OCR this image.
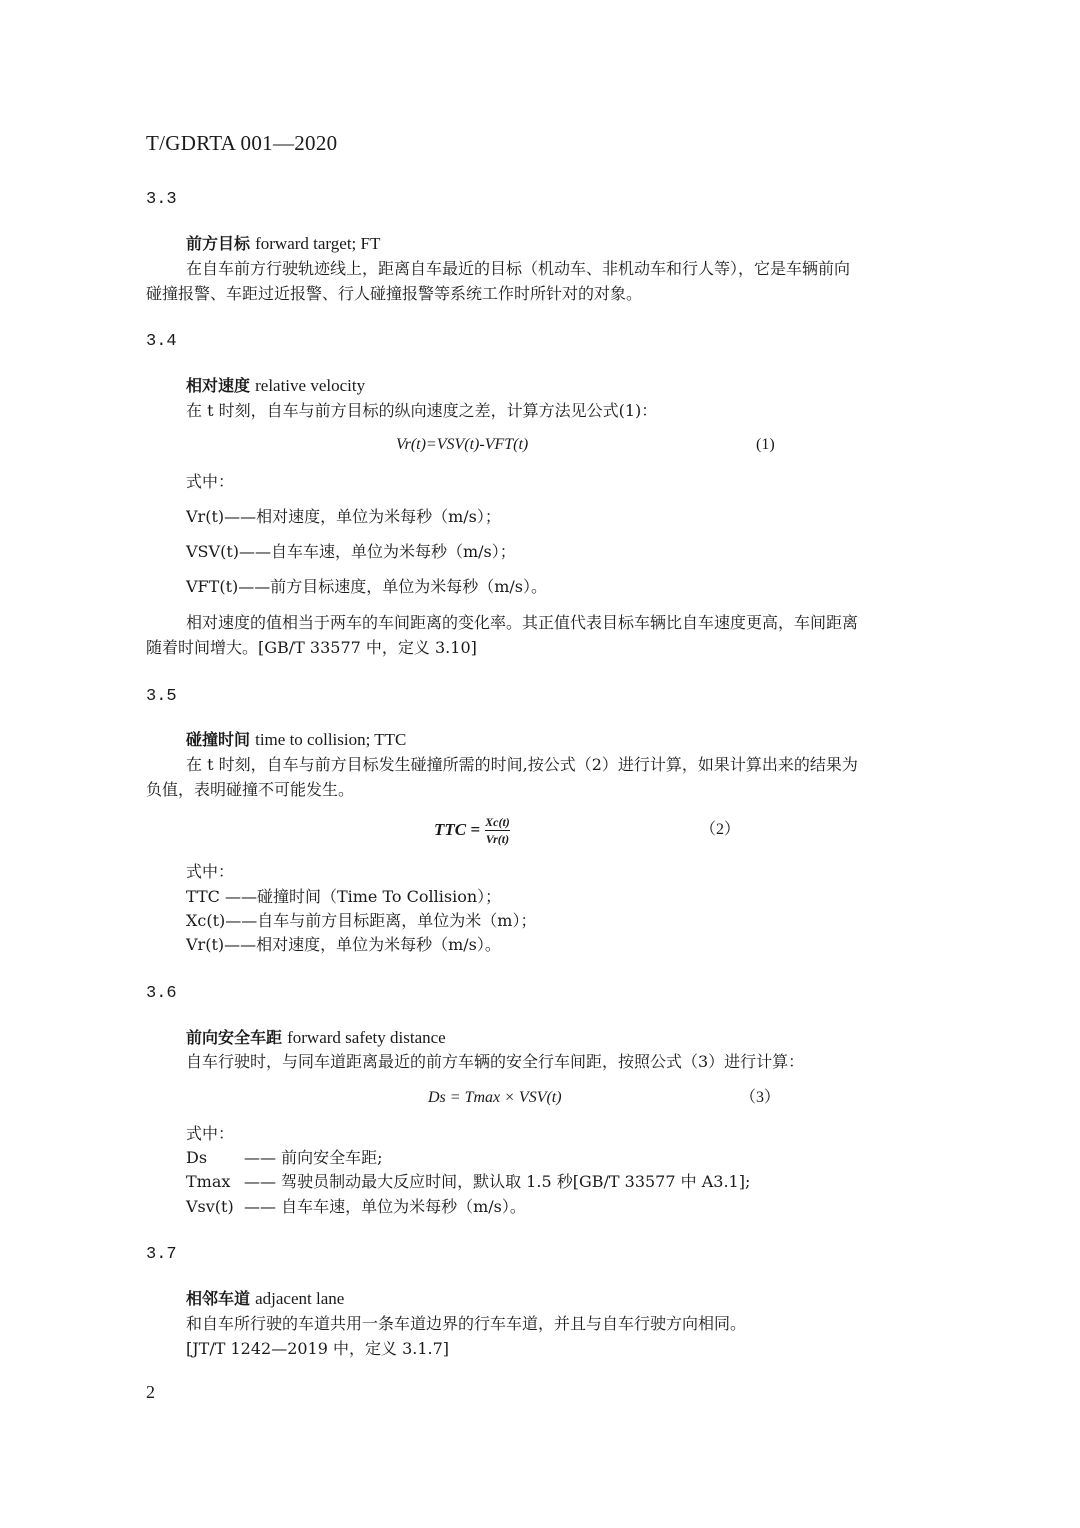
T/GDRTA 001—2020
3.3
前方目标 forward target; FT
在自车前方行驶轨迹线上，距离自车最近的目标（机动车、非机动车和行人等），它是车辆前向
碰撞报警、车距过近报警、行人碰撞报警等系统工作时所针对的对象。
3.4
相对速度 relative velocity
在 t 时刻，自车与前方目标的纵向速度之差，计算方法见公式(1)：
Vr(t)=VSV(t)-VFT(t)	(1)
式中：
Vr(t)——相对速度，单位为米每秒（m/s）；
VSV(t)——自车车速，单位为米每秒（m/s）；
VFT(t)——前方目标速度，单位为米每秒（m/s）。
相对速度的值相当于两车的车间距离的变化率。其正值代表目标车辆比自车速度更高，车间距离
随着时间增大。[GB/T 33577 中，定义 3.10]
3.5
碰撞时间 time to collision; TTC
在 t 时刻，自车与前方目标发生碰撞所需的时间,按公式（2）进行计算，如果计算出来的结果为
负值，表明碰撞不可能发生。
TTC = $\frac{Xc(t)}{Vr(t)}$	（2）
式中：
TTC ——碰撞时间（Time To Collision）；
Xc(t)——自车与前方目标距离，单位为米（m）；
Vr(t)——相对速度，单位为米每秒（m/s）。
3.6
前向安全车距 forward safety distance
自车行驶时，与同车道距离最近的前方车辆的安全行车间距，按照公式（3）进行计算：
Ds = Tmax × VSV(t)	（3）
式中：
Ds —— 前向安全车距;
Tmax —— 驾驶员制动最大反应时间，默认取 1.5 秒[GB/T 33577 中 A3.1];
Vsv(t) —— 自车车速，单位为米每秒（m/s）。
3.7
相邻车道 adjacent lane
和自车所行驶的车道共用一条车道边界的行车车道，并且与自车行驶方向相同。
[JT/T 1242—2019 中，定义 3.1.7]
2
